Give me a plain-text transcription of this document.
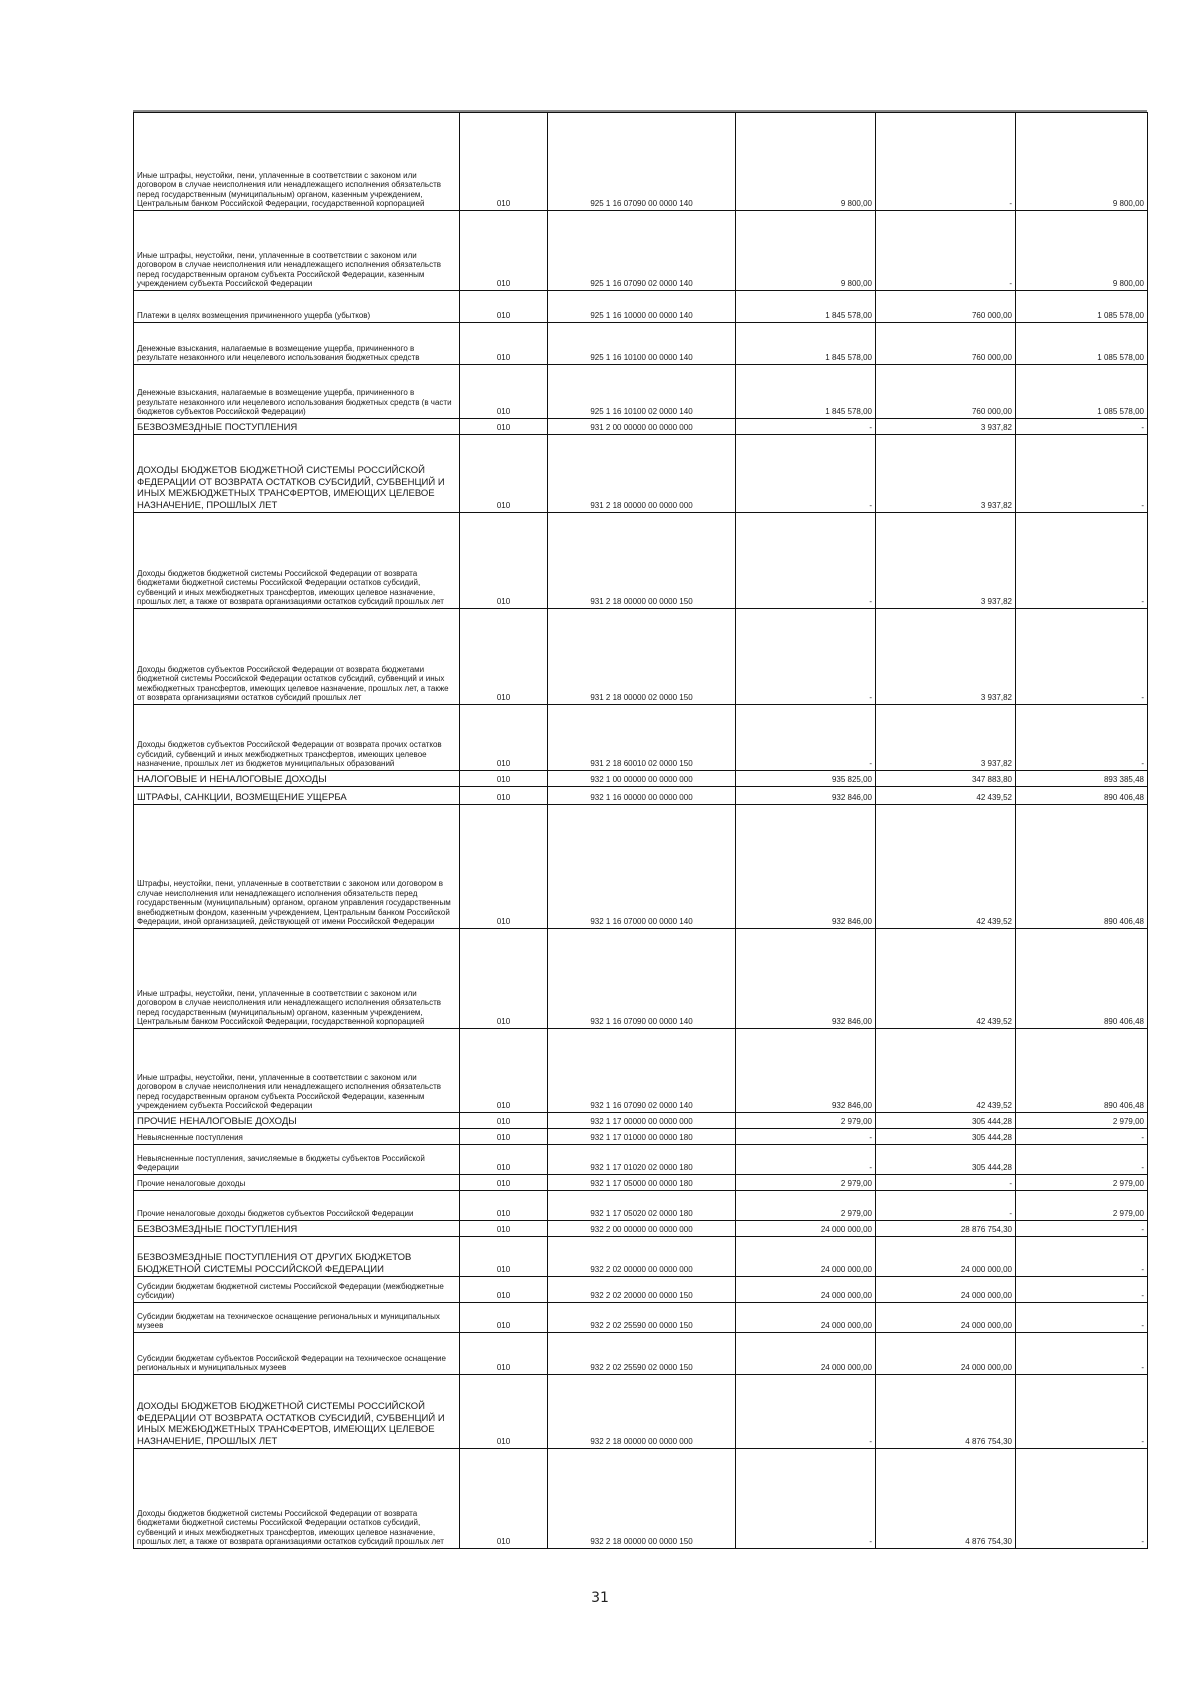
Иные штрафы, неустойки, пени, уплаченные в соответствии с законом или договором в случае неисполнения или ненадлежащего исполнения обязательств перед государственным (муниципальным) органом, казенным учреждением, Центральным банком Российской Федерации, государственной корпорацией	010	925 1 16 07090 00 0000 140	9 800,00	-	9 800,00
Иные штрафы, неустойки, пени, уплаченные в соответствии с законом или договором в случае неисполнения или ненадлежащего исполнения обязательств перед государственным органом субъекта Российской Федерации, казенным учреждением субъекта Российской Федерации	010	925 1 16 07090 02 0000 140	9 800,00	-	9 800,00
Платежи в целях возмещения причиненного ущерба (убытков)	010	925 1 16 10000 00 0000 140	1 845 578,00	760 000,00	1 085 578,00
Денежные взыскания, налагаемые в возмещение ущерба, причиненного в результате незаконного или нецелевого использования бюджетных средств	010	925 1 16 10100 00 0000 140	1 845 578,00	760 000,00	1 085 578,00
Денежные взыскания, налагаемые в возмещение ущерба, причиненного в результате незаконного или нецелевого использования бюджетных средств (в части бюджетов субъектов Российской Федерации)	010	925 1 16 10100 02 0000 140	1 845 578,00	760 000,00	1 085 578,00
БЕЗВОЗМЕЗДНЫЕ ПОСТУПЛЕНИЯ	010	931 2 00 00000 00 0000 000	-	3 937,82	-
ДОХОДЫ БЮДЖЕТОВ БЮДЖЕТНОЙ СИСТЕМЫ РОССИЙСКОЙ ФЕДЕРАЦИИ ОТ ВОЗВРАТА ОСТАТКОВ СУБСИДИЙ, СУБВЕНЦИЙ И ИНЫХ МЕЖБЮДЖЕТНЫХ ТРАНСФЕРТОВ, ИМЕЮЩИХ ЦЕЛЕВОЕ НАЗНАЧЕНИЕ, ПРОШЛЫХ ЛЕТ	010	931 2 18 00000 00 0000 000	-	3 937,82	-
Доходы бюджетов бюджетной системы Российской Федерации от возврата бюджетами бюджетной системы Российской Федерации остатков субсидий, субвенций и иных межбюджетных трансфертов, имеющих целевое назначение, прошлых лет, а также от возврата организациями остатков субсидий прошлых лет	010	931 2 18 00000 00 0000 150	-	3 937,82	-
Доходы бюджетов субъектов Российской Федерации от возврата бюджетами бюджетной системы Российской Федерации остатков субсидий, субвенций и иных межбюджетных трансфертов, имеющих целевое назначение, прошлых лет, а также от возврата организациями остатков субсидий прошлых лет	010	931 2 18 00000 02 0000 150	-	3 937,82	-
Доходы бюджетов субъектов Российской Федерации от возврата прочих остатков субсидий, субвенций и иных межбюджетных трансфертов, имеющих целевое назначение, прошлых лет из бюджетов муниципальных образований	010	931 2 18 60010 02 0000 150	-	3 937,82	-
НАЛОГОВЫЕ И НЕНАЛОГОВЫЕ ДОХОДЫ	010	932 1 00 00000 00 0000 000	935 825,00	347 883,80	893 385,48
ШТРАФЫ, САНКЦИИ, ВОЗМЕЩЕНИЕ УЩЕРБА	010	932 1 16 00000 00 0000 000	932 846,00	42 439,52	890 406,48
Штрафы, неустойки, пени, уплаченные в соответствии с законом или договором в случае неисполнения или ненадлежащего исполнения обязательств перед государственным (муниципальным) органом, органом управления государственным внебюджетным фондом, казенным учреждением, Центральным банком Российской Федерации, иной организацией, действующей от имени Российской Федерации	010	932 1 16 07000 00 0000 140	932 846,00	42 439,52	890 406,48
Иные штрафы, неустойки, пени, уплаченные в соответствии с законом или договором в случае неисполнения или ненадлежащего исполнения обязательств перед государственным (муниципальным) органом, казенным учреждением, Центральным банком Российской Федерации, государственной корпорацией	010	932 1 16 07090 00 0000 140	932 846,00	42 439,52	890 406,48
Иные штрафы, неустойки, пени, уплаченные в соответствии с законом или договором в случае неисполнения или ненадлежащего исполнения обязательств перед государственным органом субъекта Российской Федерации, казенным учреждением субъекта Российской Федерации	010	932 1 16 07090 02 0000 140	932 846,00	42 439,52	890 406,48
ПРОЧИЕ НЕНАЛОГОВЫЕ ДОХОДЫ	010	932 1 17 00000 00 0000 000	2 979,00	305 444,28	2 979,00
Невыясненные поступления	010	932 1 17 01000 00 0000 180	-	305 444,28	-
Невыясненные поступления, зачисляемые в бюджеты субъектов Российской Федерации	010	932 1 17 01020 02 0000 180	-	305 444,28	-
Прочие неналоговые доходы	010	932 1 17 05000 00 0000 180	2 979,00	-	2 979,00
Прочие неналоговые доходы бюджетов субъектов Российской Федерации	010	932 1 17 05020 02 0000 180	2 979,00	-	2 979,00
БЕЗВОЗМЕЗДНЫЕ ПОСТУПЛЕНИЯ	010	932 2 00 00000 00 0000 000	24 000 000,00	28 876 754,30	-
БЕЗВОЗМЕЗДНЫЕ ПОСТУПЛЕНИЯ ОТ ДРУГИХ БЮДЖЕТОВ БЮДЖЕТНОЙ СИСТЕМЫ РОССИЙСКОЙ ФЕДЕРАЦИИ	010	932 2 02 00000 00 0000 000	24 000 000,00	24 000 000,00	-
Субсидии бюджетам бюджетной системы Российской Федерации (межбюджетные субсидии)	010	932 2 02 20000 00 0000 150	24 000 000,00	24 000 000,00	-
Субсидии бюджетам на техническое оснащение региональных и муниципальных музеев	010	932 2 02 25590 00 0000 150	24 000 000,00	24 000 000,00	-
Субсидии бюджетам субъектов Российской Федерации на техническое оснащение региональных и муниципальных музеев	010	932 2 02 25590 02 0000 150	24 000 000,00	24 000 000,00	-
ДОХОДЫ БЮДЖЕТОВ БЮДЖЕТНОЙ СИСТЕМЫ РОССИЙСКОЙ ФЕДЕРАЦИИ ОТ ВОЗВРАТА ОСТАТКОВ СУБСИДИЙ, СУБВЕНЦИЙ И ИНЫХ МЕЖБЮДЖЕТНЫХ ТРАНСФЕРТОВ, ИМЕЮЩИХ ЦЕЛЕВОЕ НАЗНАЧЕНИЕ, ПРОШЛЫХ ЛЕТ	010	932 2 18 00000 00 0000 000	-	4 876 754,30	-
Доходы бюджетов бюджетной системы Российской Федерации от возврата бюджетами бюджетной системы Российской Федерации остатков субсидий, субвенций и иных межбюджетных трансфертов, имеющих целевое назначение, прошлых лет, а также от возврата организациями остатков субсидий прошлых лет	010	932 2 18 00000 00 0000 150	-	4 876 754,30	-
31
